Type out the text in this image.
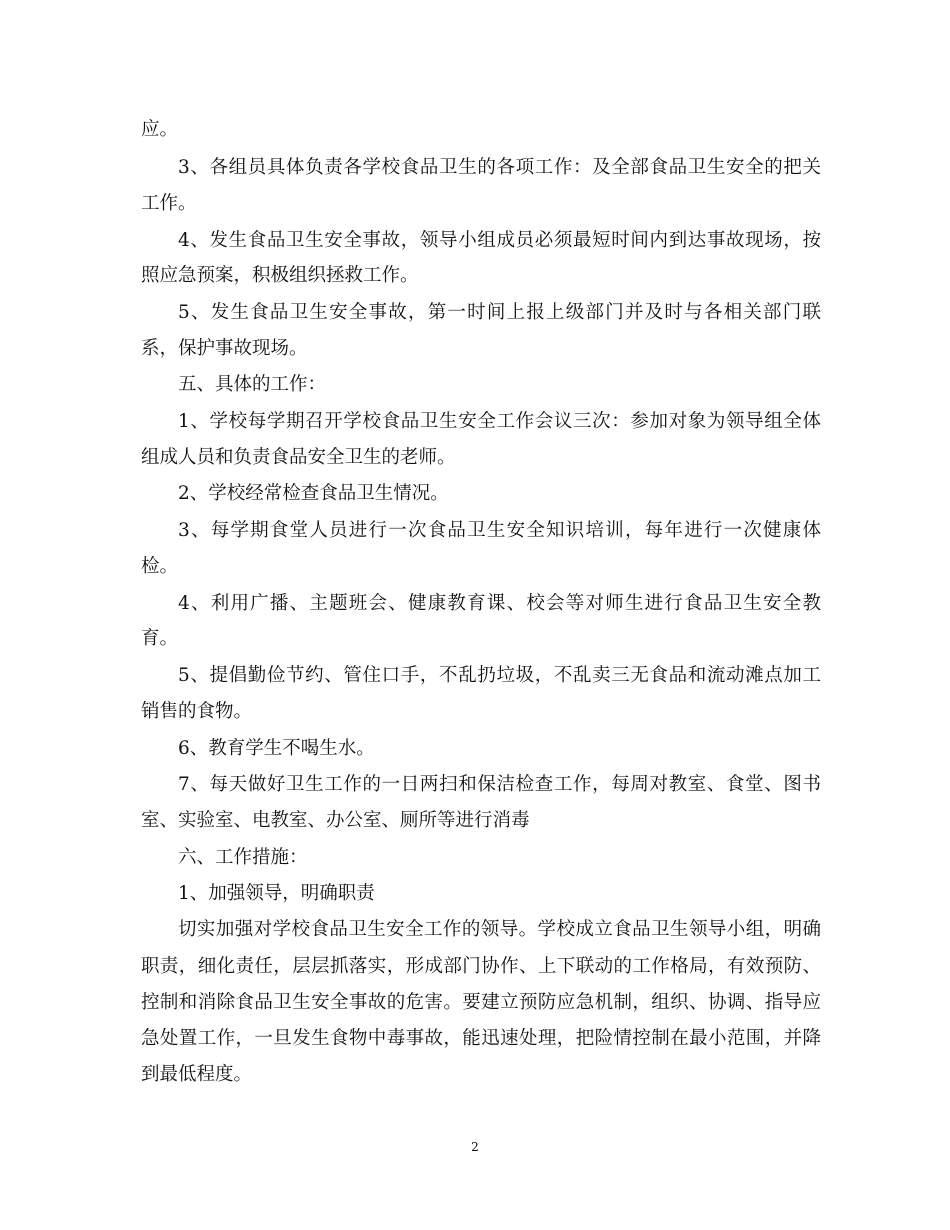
应。
3、各组员具体负责各学校食品卫生的各项工作：及全部食品卫生安全的把关
工作。
4、发生食品卫生安全事故，领导小组成员必须最短时间内到达事故现场，按
照应急预案，积极组织拯救工作。
5、发生食品卫生安全事故，第一时间上报上级部门并及时与各相关部门联
系，保护事故现场。
五、具体的工作：
1、学校每学期召开学校食品卫生安全工作会议三次：参加对象为领导组全体
组成人员和负责食品安全卫生的老师。
2、学校经常检查食品卫生情况。
3、每学期食堂人员进行一次食品卫生安全知识培训，每年进行一次健康体
检。
4、利用广播、主题班会、健康教育课、校会等对师生进行食品卫生安全教
育。
5、提倡勤俭节约、管住口手，不乱扔垃圾，不乱卖三无食品和流动滩点加工
销售的食物。
6、教育学生不喝生水。
7、每天做好卫生工作的一日两扫和保洁检查工作，每周对教室、食堂、图书
室、实验室、电教室、办公室、厕所等进行消毒
六、工作措施：
1、加强领导，明确职责
切实加强对学校食品卫生安全工作的领导。学校成立食品卫生领导小组，明确
职责，细化责任，层层抓落实，形成部门协作、上下联动的工作格局，有效预防、
控制和消除食品卫生安全事故的危害。要建立预防应急机制，组织、协调、指导应
急处置工作，一旦发生食物中毒事故，能迅速处理，把险情控制在最小范围，并降
到最低程度。
2
